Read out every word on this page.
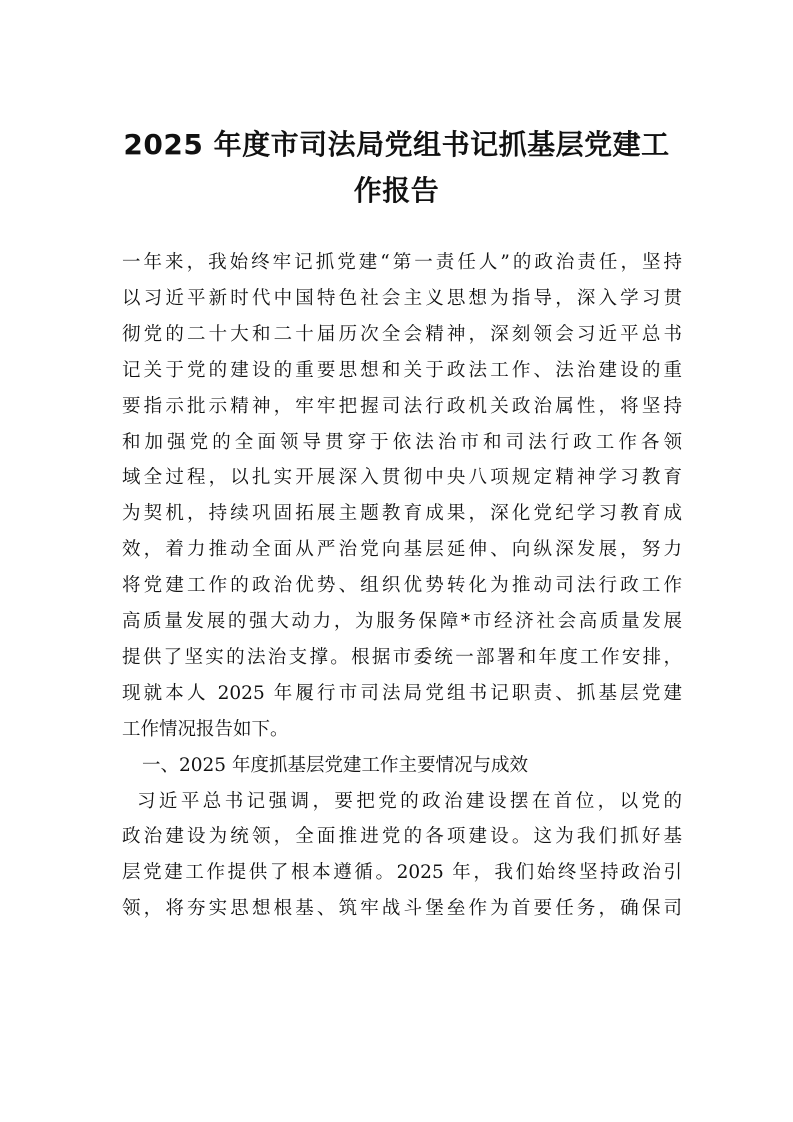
2025 年度市司法局党组书记抓基层党建工
作报告

一年来，我始终牢记抓党建“第一责任人”的政治责任，坚持

以习近平新时代中国特色社会主义思想为指导，深入学习贯

彻党的二十大和二十届历次全会精神，深刻领会习近平总书

记关于党的建设的重要思想和关于政法工作、法治建设的重

要指示批示精神，牢牢把握司法行政机关政治属性，将坚持

和加强党的全面领导贯穿于依法治市和司法行政工作各领

域全过程，以扎实开展深入贯彻中央八项规定精神学习教育

为契机，持续巩固拓展主题教育成果，深化党纪学习教育成

效，着力推动全面从严治党向基层延伸、向纵深发展，努力

将党建工作的政治优势、组织优势转化为推动司法行政工作

高质量发展的强大动力，为服务保障*市经济社会高质量发展

提供了坚实的法治支撑。根据市委统一部署和年度工作安排，

现就本人 2025 年履行市司法局党组书记职责、抓基层党建

工作情况报告如下。

一、2025 年度抓基层党建工作主要情况与成效

习近平总书记强调，要把党的政治建设摆在首位，以党的

政治建设为统领，全面推进党的各项建设。这为我们抓好基

层党建工作提供了根本遵循。2025 年，我们始终坚持政治引

领，将夯实思想根基、筑牢战斗堡垒作为首要任务，确保司
